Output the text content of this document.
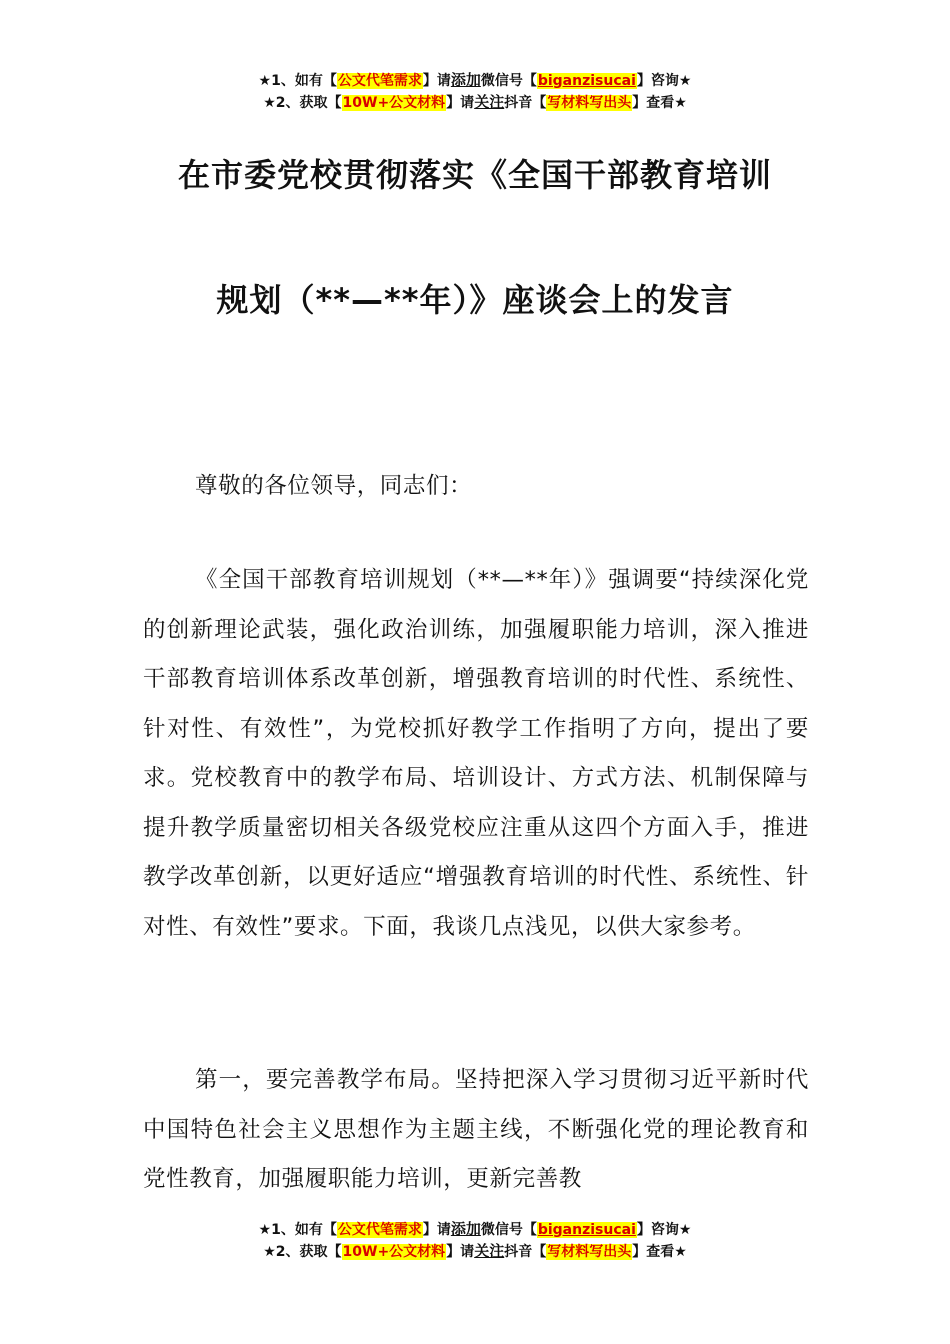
★1、如有【公文代笔需求】请添加微信号【biganzisucai】咨询★
★2、获取【10W+公文材料】请关注抖音【写材料写出头】查看★
在市委党校贯彻落实《全国干部教育培训
规划（**—**年）》座谈会上的发言

尊敬的各位领导，同志们：

《全国干部教育培训规划（**—**年）》强调要“持续深化党的创新理论武装，强化政治训练，加强履职能力培训，深入推进干部教育培训体系改革创新，增强教育培训的时代性、系统性、针对性、有效性”，为党校抓好教学工作指明了方向，提出了要求。党校教育中的教学布局、培训设计、方式方法、机制保障与提升教学质量密切相关各级党校应注重从这四个方面入手，推进教学改革创新，以更好适应“增强教育培训的时代性、系统性、针对性、有效性”要求。下面，我谈几点浅见，以供大家参考。

第一，要完善教学布局。坚持把深入学习贯彻习近平新时代中国特色社会主义思想作为主题主线，不断强化党的理论教育和党性教育，加强履职能力培训，更新完善教

★1、如有【公文代笔需求】请添加微信号【biganzisucai】咨询★
★2、获取【10W+公文材料】请关注抖音【写材料写出头】查看★
